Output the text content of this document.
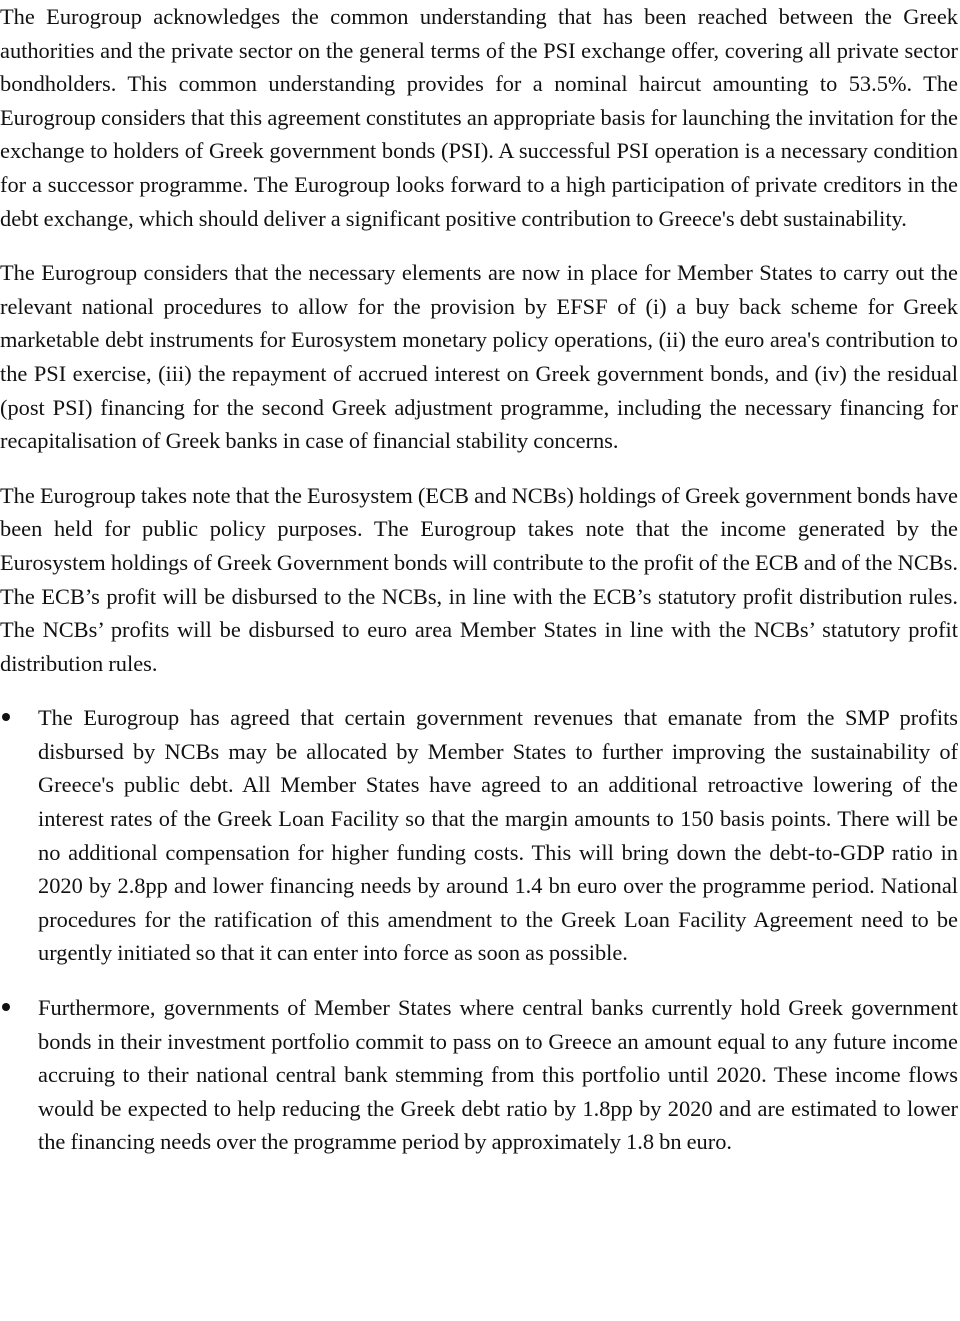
The Eurogroup acknowledges the common understanding that has been reached between the Greek authorities and the private sector on the general terms of the PSI exchange offer, covering all private sector bondholders. This common understanding provides for a nominal haircut amounting to 53.5%. The Eurogroup considers that this agreement constitutes an appropriate basis for launching the invitation for the exchange to holders of Greek government bonds (PSI). A successful PSI operation is a necessary condition for a successor programme. The Eurogroup looks forward to a high participation of private creditors in the debt exchange, which should deliver a significant positive contribution to Greece's debt sustainability.

The Eurogroup considers that the necessary elements are now in place for Member States to carry out the relevant national procedures to allow for the provision by EFSF of (i) a buy back scheme for Greek marketable debt instruments for Eurosystem monetary policy operations, (ii) the euro area's contribution to the PSI exercise, (iii) the repayment of accrued interest on Greek government bonds, and (iv) the residual (post PSI) financing for the second Greek adjustment programme, including the necessary financing for recapitalisation of Greek banks in case of financial stability concerns.

The Eurogroup takes note that the Eurosystem (ECB and NCBs) holdings of Greek government bonds have been held for public policy purposes. The Eurogroup takes note that the income generated by the Eurosystem holdings of Greek Government bonds will contribute to the profit of the ECB and of the NCBs. The ECB’s profit will be disbursed to the NCBs, in line with the ECB’s statutory profit distribution rules. The NCBs’ profits will be disbursed to euro area Member States in line with the NCBs’ statutory profit distribution rules.

The Eurogroup has agreed that certain government revenues that emanate from the SMP profits disbursed by NCBs may be allocated by Member States to further improving the sustainability of Greece's public debt. All Member States have agreed to an additional retroactive lowering of the interest rates of the Greek Loan Facility so that the margin amounts to 150 basis points. There will be no additional compensation for higher funding costs. This will bring down the debt-to-GDP ratio in 2020 by 2.8pp and lower financing needs by around 1.4 bn euro over the programme period. National procedures for the ratification of this amendment to the Greek Loan Facility Agreement need to be urgently initiated so that it can enter into force as soon as possible.
Furthermore, governments of Member States where central banks currently hold Greek government bonds in their investment portfolio commit to pass on to Greece an amount equal to any future income accruing to their national central bank stemming from this portfolio until 2020. These income flows would be expected to help reducing the Greek debt ratio by 1.8pp by 2020 and are estimated to lower the financing needs over the programme period by approximately 1.8 bn euro.
